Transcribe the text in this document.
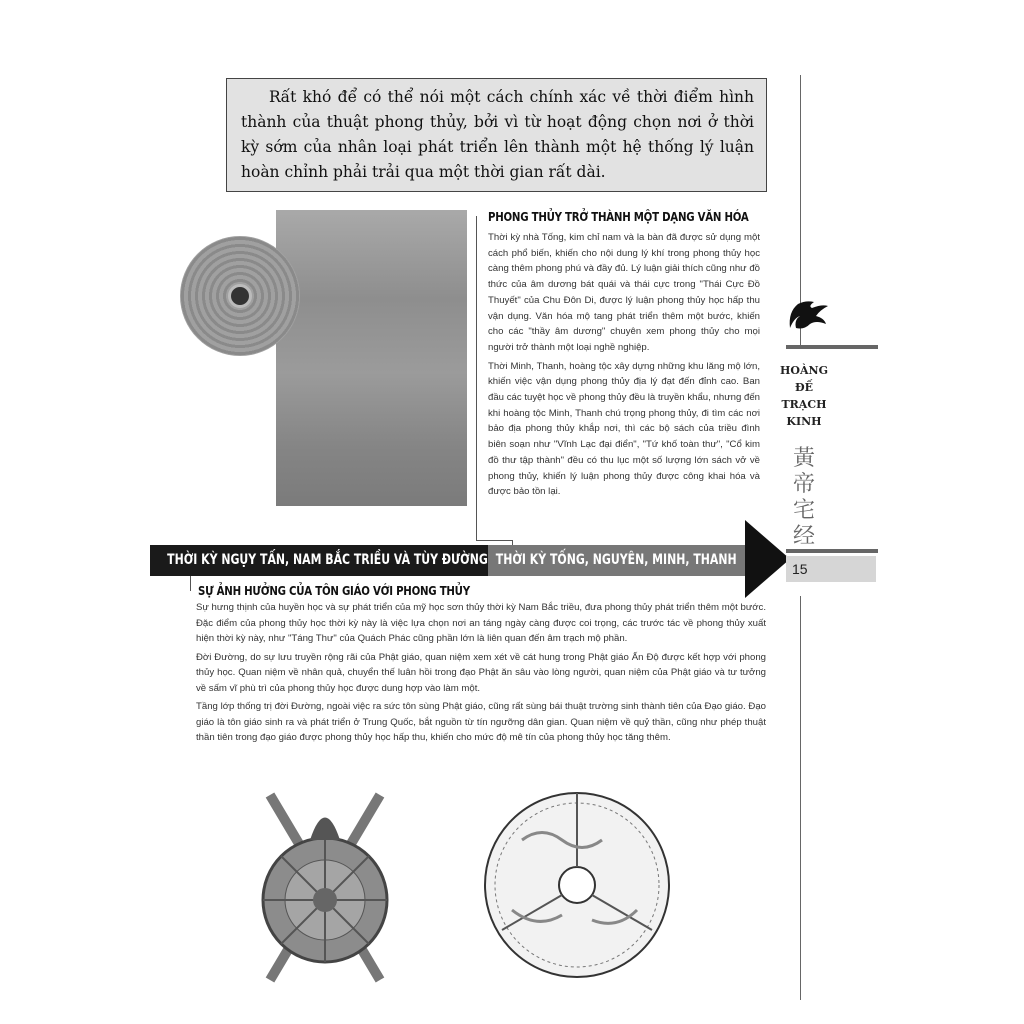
Rất khó để có thể nói một cách chính xác về thời điểm hình thành của thuật phong thủy, bởi vì từ hoạt động chọn nơi ở thời kỳ sớm của nhân loại phát triển lên thành một hệ thống lý luận hoàn chỉnh phải trải qua một thời gian rất dài.
PHONG THỦY TRỞ THÀNH MỘT DẠNG VĂN HÓA

Thời kỳ nhà Tống, kim chỉ nam và la bàn đã được sử dụng một cách phổ biến, khiến cho nội dung lý khí trong phong thủy học càng thêm phong phú và đầy đủ. Lý luận giải thích cũng như đồ thức của âm dương bát quái và thái cực trong "Thái Cực Đồ Thuyết" của Chu Đôn Di, được lý luận phong thủy học hấp thu vận dụng. Văn hóa mộ tang phát triển thêm một bước, khiến cho các "thầy âm dương" chuyên xem phong thủy cho mọi người trở thành một loại nghề nghiệp.

Thời Minh, Thanh, hoàng tộc xây dựng những khu lăng mộ lớn, khiến việc vận dụng phong thủy địa lý đạt đến đỉnh cao. Ban đầu các tuyệt học về phong thủy đều là truyền khẩu, nhưng đến khi hoàng tộc Minh, Thanh chú trọng phong thủy, đi tìm các nơi bảo địa phong thủy khắp nơi, thì các bộ sách của triều đình biên soạn như "Vĩnh Lạc đại điển", "Tứ khố toàn thư", "Cổ kim đồ thư tập thành" đều có thu lục một số lượng lớn sách vở về phong thủy, khiến lý luận phong thủy được công khai hóa và được bảo tồn lại.

THỜI KỲ NGỤY TẤN, NAM BẮC TRIỀU VÀ TÙY ĐƯỜNG THỜI KỲ TỐNG, NGUYÊN, MINH, THANH
SỰ ẢNH HƯỞNG CỦA TÔN GIÁO VỚI PHONG THỦY

Sự hưng thịnh của huyền học và sự phát triển của mỹ học sơn thủy thời kỳ Nam Bắc triều, đưa phong thủy phát triển thêm một bước. Đặc điểm của phong thủy học thời kỳ này là việc lựa chọn nơi an táng ngày càng được coi trọng, các trước tác về phong thủy xuất hiện thời kỳ này, như "Táng Thư" của Quách Phác cũng phần lớn là liên quan đến âm trạch mộ phần.

Đời Đường, do sự lưu truyền rộng rãi của Phật giáo, quan niệm xem xét về cát hung trong Phật giáo Ấn Độ được kết hợp với phong thủy học. Quan niệm về nhân quả, chuyển thế luân hồi trong đạo Phật ăn sâu vào lòng người, quan niệm của Phật giáo và tư tưởng về sấm vĩ phù trì của phong thủy học được dung hợp vào làm một.

Tầng lớp thống trị đời Đường, ngoài việc ra sức tôn sùng Phật giáo, cũng rất sùng bái thuật trường sinh thành tiên của Đạo giáo. Đạo giáo là tôn giáo sinh ra và phát triển ở Trung Quốc, bắt nguồn từ tín ngưỡng dân gian. Quan niệm về quỷ thần, cũng như phép thuật thần tiên trong đạo giáo được phong thủy học hấp thu, khiến cho mức độ mê tín của phong thủy học tăng thêm.

HOÀNG
ĐẾ
TRẠCH
KINH
黃
帝
宅
经
15
